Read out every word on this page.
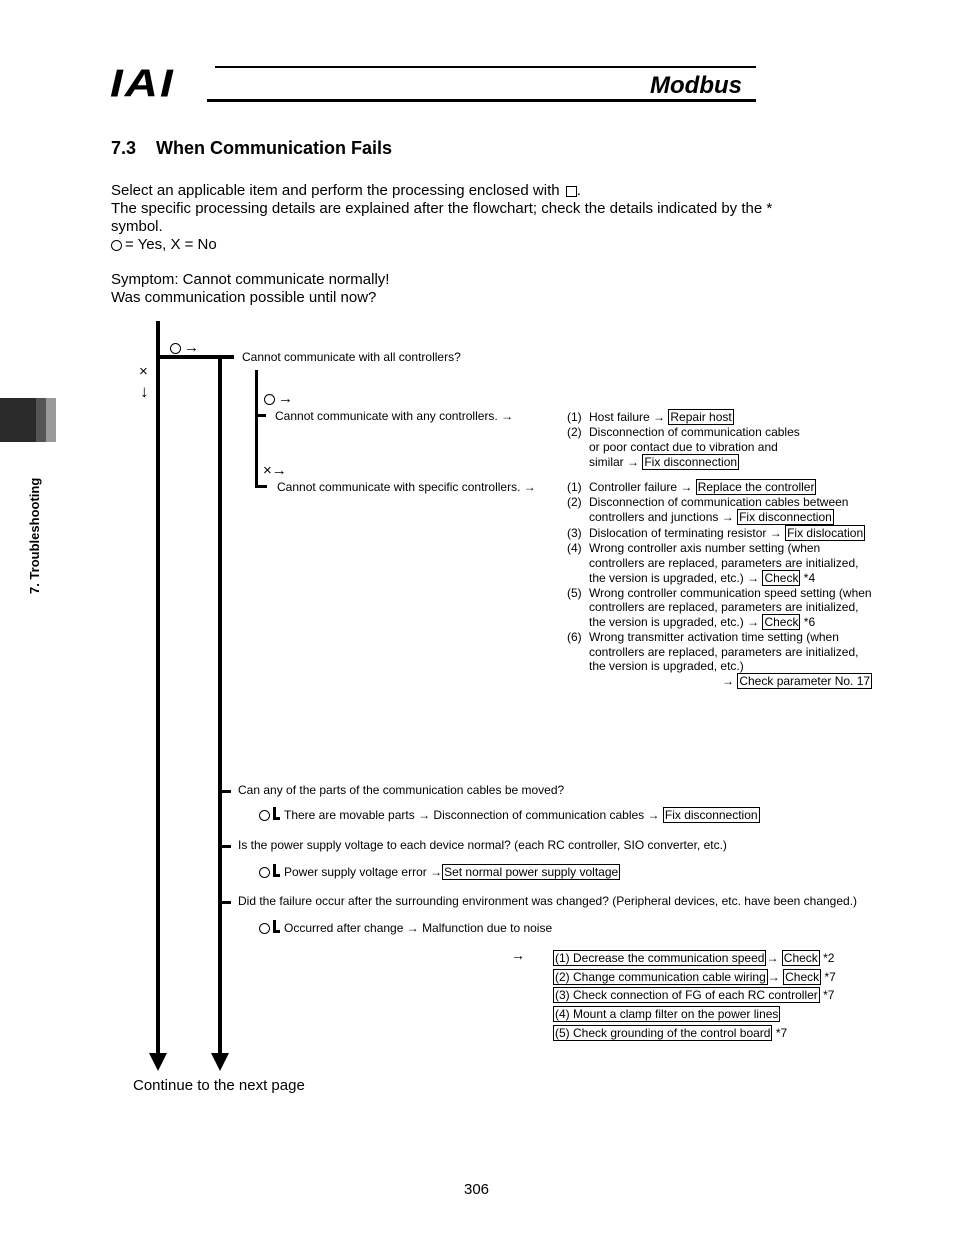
IAI	Modbus
7. Troubleshooting
7.3    When Communication Fails
Select an applicable item and perform the processing enclosed with .
The specific processing details are explained after the flowchart; check the details indicated by the *
symbol.
= Yes, X = No
Symptom: Cannot communicate normally!
Was communication possible until now?
→
×
↓
Cannot communicate with all controllers?
→
Cannot communicate with any controllers. →
×→
Cannot communicate with specific controllers. →
(1) Host failure → Repair host
(2) Disconnection of communication cables
or poor contact due to vibration and
similar → Fix disconnection
(1) Controller failure → Replace the controller
(2) Disconnection of communication cables between
controllers and junctions → Fix disconnection
(3) Dislocation of terminating resistor → Fix dislocation
(4) Wrong controller axis number setting (when
controllers are replaced, parameters are initialized,
the version is upgraded, etc.) → Check *4
(5) Wrong controller communication speed setting (when
controllers are replaced, parameters are initialized,
the version is upgraded, etc.) → Check *6
(6) Wrong transmitter activation time setting (when
controllers are replaced, parameters are initialized,
the version is upgraded, etc.)
→ Check parameter No. 17
Can any of the parts of the communication cables be moved?
There are movable parts → Disconnection of communication cables → Fix disconnection
Is the power supply voltage to each device normal? (each RC controller, SIO converter, etc.)
Power supply voltage error → Set normal power supply voltage
Did the failure occur after the surrounding environment was changed? (Peripheral devices, etc. have been changed.)
Occurred after change → Malfunction due to noise
→	(1) Decrease the communication speed → Check *2
(2) Change communication cable wiring → Check *7
(3) Check connection of FG of each RC controller *7
(4) Mount a clamp filter on the power lines
(5) Check grounding of the control board *7
Continue to the next page
306
